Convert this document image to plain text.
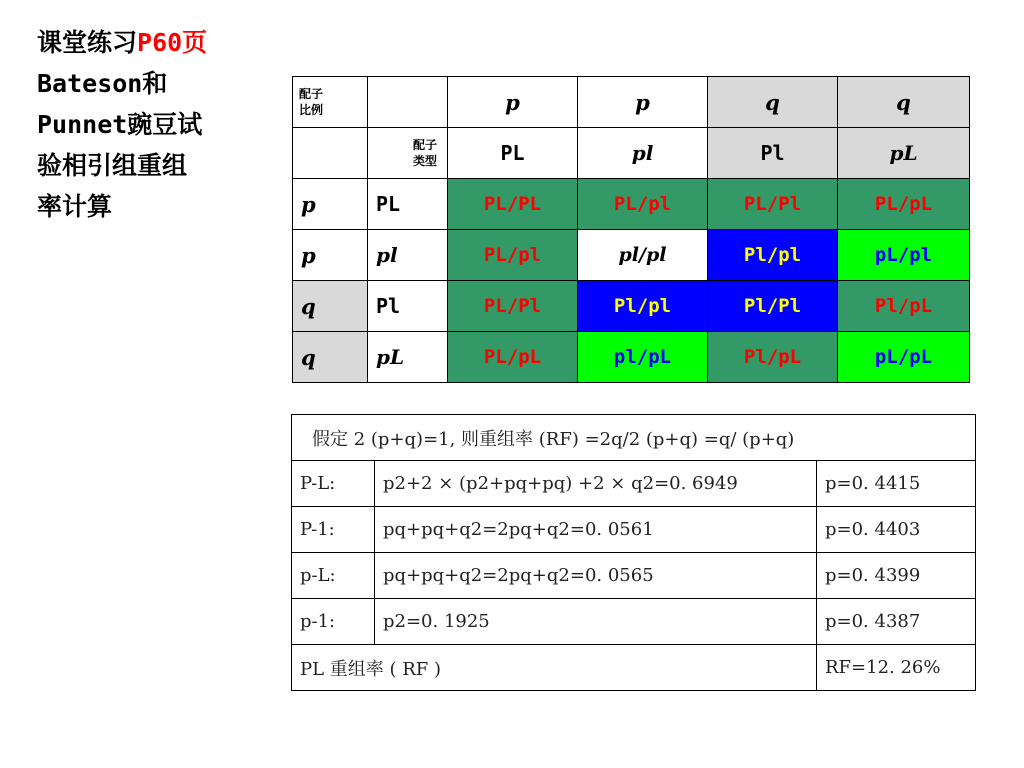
课堂练习P60页
Bateson和
Punnet豌豆试
验相引组重组
率计算
配子
比例		p	p	q	q
	配子
类型	PL	pl	Pl	pL
p	PL	PL/PL	PL/pl	PL/Pl	PL/pL
p	pl	PL/pl	pl/pl	Pl/pl	pL/pl
q	Pl	PL/Pl	Pl/pl	Pl/Pl	Pl/pL
q	pL	PL/pL	pl/pL	Pl/pL	pL/pL
假定 2 (p+q)=1, 则重组率 (RF) =2q/2 (p+q) =q/ (p+q)		
P-L:	p2+2 × (p2+pq+pq) +2 × q2=0. 6949	p=0. 4415
P-1:	pq+pq+q2=2pq+q2=0. 0561	p=0. 4403
p-L:	pq+pq+q2=2pq+q2=0. 0565	p=0. 4399
p-1:	p2=0. 1925	p=0. 4387
PL 重组率 ( RF )		RF=12. 26%
